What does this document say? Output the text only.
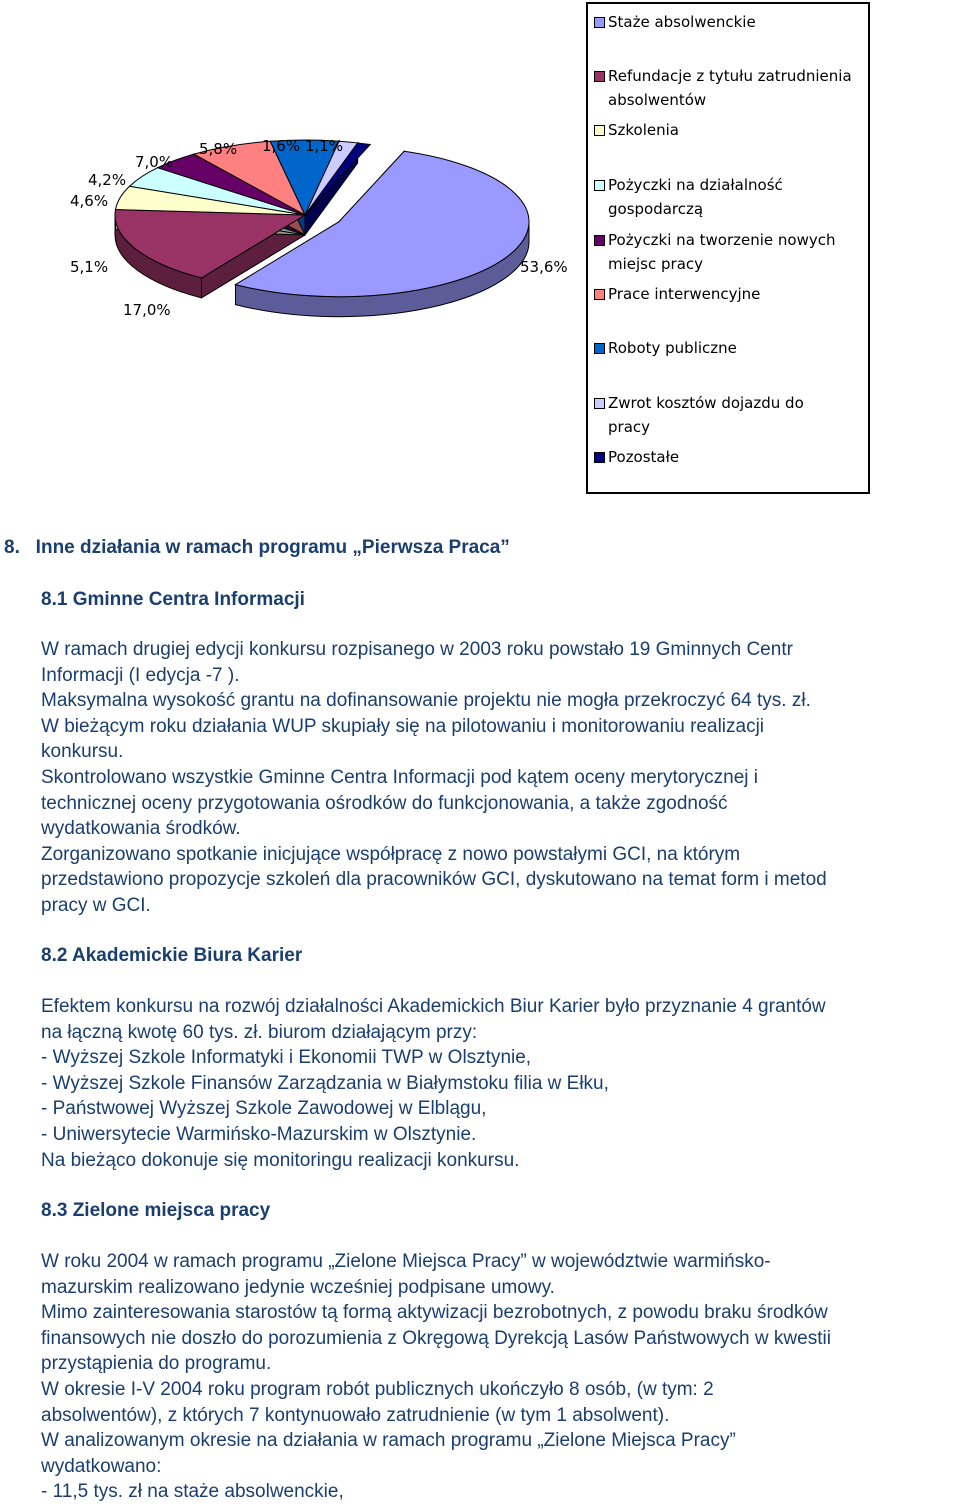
53,6%
17,0%
5,1%
4,6%
4,2%
7,0%
5,8% 1,6% 1,1%
Staże absolwenckie
Refundacje z tytułu zatrudnienia
absolwentów
Szkolenia
Pożyczki na działalność
gospodarczą
Pożyczki na tworzenie nowych
miejsc pracy
Prace interwencyjne
Roboty publiczne
Zwrot kosztów dojazdu do
pracy
Pozostałe
8.   Inne działania w ramach programu „Pierwsza Praca”
8.1 Gminne Centra Informacji
W ramach drugiej edycji konkursu rozpisanego w 2003 roku powstało 19 Gminnych Centr
Informacji (I edycja -7 ).
Maksymalna wysokość grantu na dofinansowanie projektu nie mogła przekroczyć 64 tys. zł.
W bieżącym roku działania WUP skupiały się na pilotowaniu i monitorowaniu realizacji
konkursu.
Skontrolowano wszystkie Gminne Centra Informacji pod kątem oceny merytorycznej i
technicznej oceny przygotowania ośrodków do funkcjonowania, a także zgodność
wydatkowania środków.
Zorganizowano spotkanie inicjujące współpracę z nowo powstałymi GCI, na którym
przedstawiono propozycje szkoleń dla pracowników GCI, dyskutowano na temat form i metod
pracy w GCI.
8.2 Akademickie Biura Karier
Efektem konkursu na rozwój działalności Akademickich Biur Karier było przyznanie 4 grantów
na łączną kwotę 60 tys. zł. biurom działającym przy:
- Wyższej Szkole Informatyki i Ekonomii TWP w Olsztynie,
- Wyższej Szkole Finansów Zarządzania w Białymstoku filia w Ełku,
- Państwowej Wyższej Szkole Zawodowej w Elblągu,
- Uniwersytecie Warmińsko-Mazurskim w Olsztynie.
Na bieżąco dokonuje się monitoringu realizacji konkursu.
8.3 Zielone miejsca pracy
W roku 2004 w ramach programu „Zielone Miejsca Pracy” w województwie warmińsko-
mazurskim realizowano jedynie wcześniej podpisane umowy.
Mimo zainteresowania starostów tą formą aktywizacji bezrobotnych, z powodu braku środków
finansowych nie doszło do porozumienia z Okręgową Dyrekcją Lasów Państwowych w kwestii
przystąpienia do programu.
W okresie I-V 2004 roku program robót publicznych ukończyło 8 osób, (w tym: 2
absolwentów), z których 7 kontynuowało zatrudnienie (w tym 1 absolwent).
W analizowanym okresie na działania w ramach programu „Zielone Miejsca Pracy”
wydatkowano:
- 11,5 tys. zł na staże absolwenckie,
